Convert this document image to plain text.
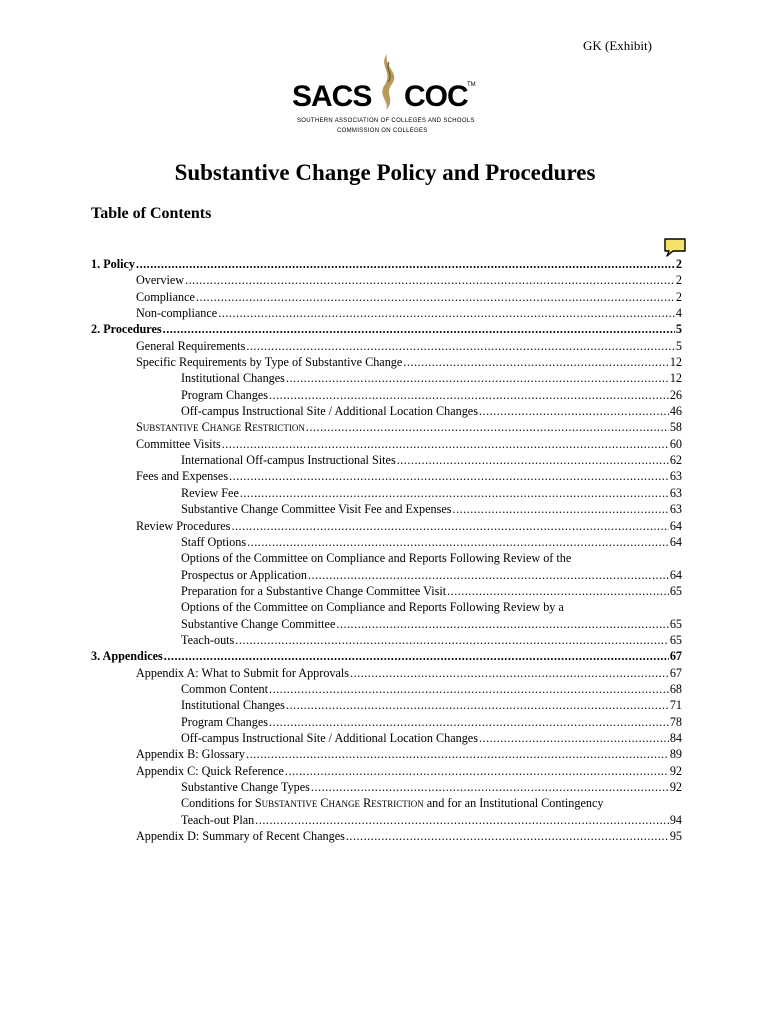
GK (Exhibit)
SACS COC TM
SOUTHERN ASSOCIATION OF COLLEGES AND SCHOOLS
COMMISSION ON COLLEGES
Substantive Change Policy and Procedures
Table of Contents
1. Policy .....	2
Overview .....	2
Compliance .....	2
Non-compliance .....	4
2. Procedures .....	5
General Requirements .....	5
Specific Requirements by Type of Substantive Change .....	12
Institutional Changes .....	12
Program Changes .....	26
Off-campus Instructional Site / Additional Location Changes .....	46
Substantive Change Restriction .....	58
Committee Visits .....	60
International Off-campus Instructional Sites .....	62
Fees and Expenses .....	63
Review Fee .....	63
Substantive Change Committee Visit Fee and Expenses .....	63
Review Procedures .....	64
Staff Options .....	64
Options of the Committee on Compliance and Reports Following Review of the
Prospectus or Application .....	64
Preparation for a Substantive Change Committee Visit .....	65
Options of the Committee on Compliance and Reports Following Review by a
Substantive Change Committee .....	65
Teach-outs .....	65
3. Appendices .....	67
Appendix A: What to Submit for Approvals .....	67
Common Content .....	68
Institutional Changes .....	71
Program Changes .....	78
Off-campus Instructional Site / Additional Location Changes .....	84
Appendix B: Glossary .....	89
Appendix C: Quick Reference .....	92
Substantive Change Types .....	92
Conditions for Substantive Change Restriction and for an Institutional Contingency
Teach-out Plan .....	94
Appendix D: Summary of Recent Changes .....	95
